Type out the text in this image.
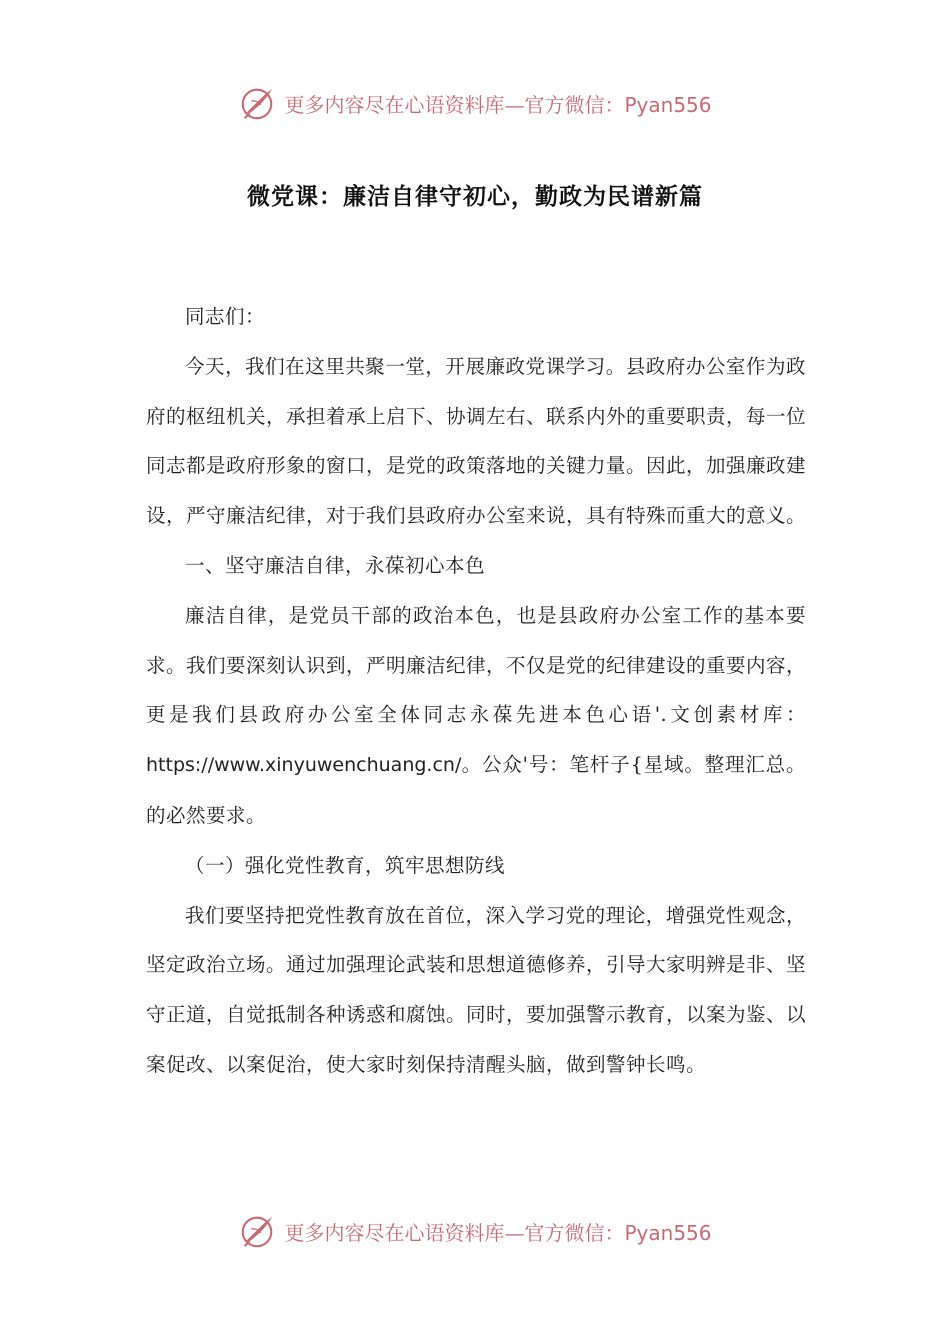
更多内容尽在心语资料库—官方微信：Pyan556
微党课：廉洁自律守初心，勤政为民谱新篇

同志们：

今天，我们在这里共聚一堂，开展廉政党课学习。县政府办公室作为政府的枢纽机关，承担着承上启下、协调左右、联系内外的重要职责，每一位同志都是政府形象的窗口，是党的政策落地的关键力量。因此，加强廉政建设，严守廉洁纪律，对于我们县政府办公室来说，具有特殊而重大的意义。

一、坚守廉洁自律，永葆初心本色

廉洁自律，是党员干部的政治本色，也是县政府办公室工作的基本要求。我们要深刻认识到，严明廉洁纪律，不仅是党的纪律建设的重要内容，更是我们县政府办公室全体同志永葆先进本色心语'.文创素材库：https://www.xinyuwenchuang.cn/。公众'号：笔杆子{星域。整理汇总。的必然要求。

（一）强化党性教育，筑牢思想防线

我们要坚持把党性教育放在首位，深入学习党的理论，增强党性观念，坚定政治立场。通过加强理论武装和思想道德修养，引导大家明辨是非、坚守正道，自觉抵制各种诱惑和腐蚀。同时，要加强警示教育，以案为鉴、以案促改、以案促治，使大家时刻保持清醒头脑，做到警钟长鸣。

更多内容尽在心语资料库—官方微信：Pyan556
